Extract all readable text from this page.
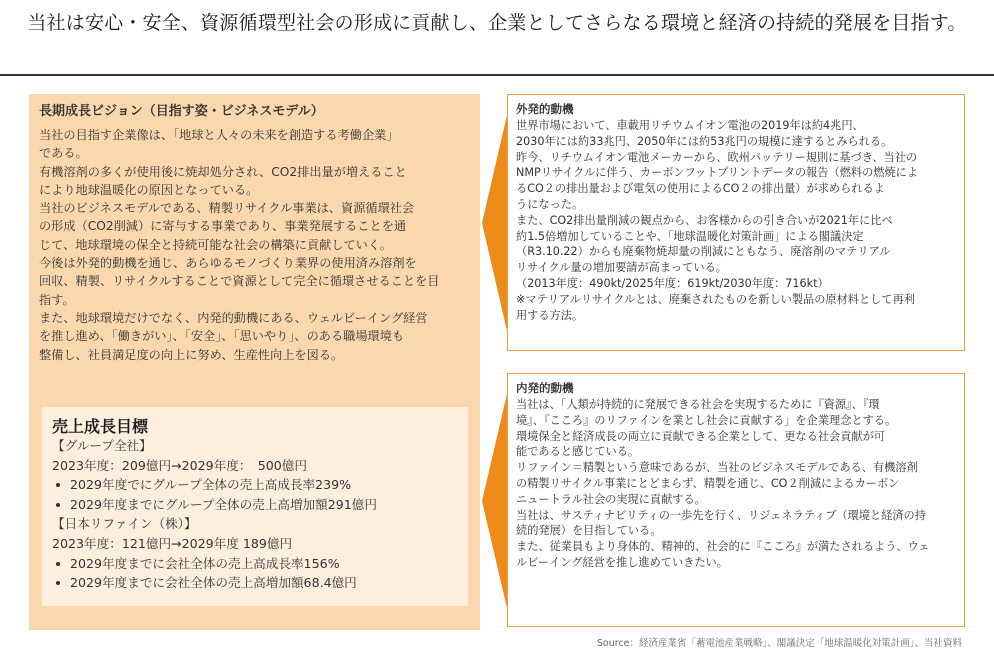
当社は安心・安全、資源循環型社会の形成に貢献し、企業としてさらなる環境と経済の持続的発展を目指す。
長期成長ビジョン（目指す姿・ビジネスモデル）

当社の目指す企業像は、「地球と人々の未来を創造する考働企業」

である。

有機溶剤の多くが使用後に焼却処分され、CO2排出量が増えること

により地球温暖化の原因となっている。

当社のビジネスモデルである、精製リサイクル事業は、資源循環社会

の形成（CO2削減）に寄与する事業であり、事業発展することを通

じて、地球環境の保全と持続可能な社会の構築に貢献していく。

今後は外発的動機を通じ、あらゆるモノづくり業界の使用済み溶剤を

回収、精製、リサイクルすることで資源として完全に循環させることを目

指す。

また、地球環境だけでなく、内発的動機にある、ウェルビーイング経営

を推し進め、「働きがい」、「安全」、「思いやり」、のある職場環境も

整備し、社員満足度の向上に努め、生産性向上を図る。

売上成長目標
【グループ全社】
2023年度：209億円→2029年度：　500億円
2029年度でにグループ全体の売上高成長率239%
2029年度までにグループ全体の売上高増加額291億円
【日本リファイン（株）】
2023年度：121億円→2029年度 189億円
2029年度までに会社全体の売上高成長率156%
2029年度までに会社全体の売上高増加額68.4億円
外発的動機

世界市場において、車載用リチウムイオン電池の2019年は約4兆円、

2030年には約33兆円、2050年には約53兆円の規模に達するとみられる。

昨今、リチウムイオン電池メーカーから、欧州バッテリー規則に基づき、当社の

NMPリサイクルに伴う、カーボンフットプリントデータの報告（燃料の燃焼によ

るCO２の排出量および電気の使用によるCO２の排出量）が求められるよ

うになった。

また、CO2排出量削減の観点から、お客様からの引き合いが2021年に比べ

約1.5倍増加していることや、「地球温暖化対策計画」による閣議決定

（R3.10.22）からも廃棄物焼却量の削減にともなう、廃溶剤のマテリアル

リサイクル量の増加要請が高まっている。

（2013年度：490kt/2025年度：619kt/2030年度：716kt）

※マテリアルリサイクルとは、廃棄されたものを新しい製品の原材料として再利

用する方法。

内発的動機

当社は、「人類が持続的に発展できる社会を実現するために『資源』、『環

境』、『こころ』のリファインを業とし社会に貢献する」を企業理念とする。

環境保全と経済成長の両立に貢献できる企業として、更なる社会貢献が可

能であると感じている。

リファイン＝精製という意味であるが、当社のビジネスモデルである、有機溶剤

の精製リサイクル事業にとどまらず、精製を通じ、CO２削減によるカーボン

ニュートラル社会の実現に貢献する。

当社は、サスティナビリティの一歩先を行く、リジェネラティブ（環境と経済の持

続的発展）を目指している。

また、従業員もより身体的、精神的、社会的に『こころ』が満たされるよう、ウェ

ルビーイング経営を推し進めていきたい。

Source：経済産業省「蓄電池産業戦略」、閣議決定「地球温暖化対策計画」、当社資料
